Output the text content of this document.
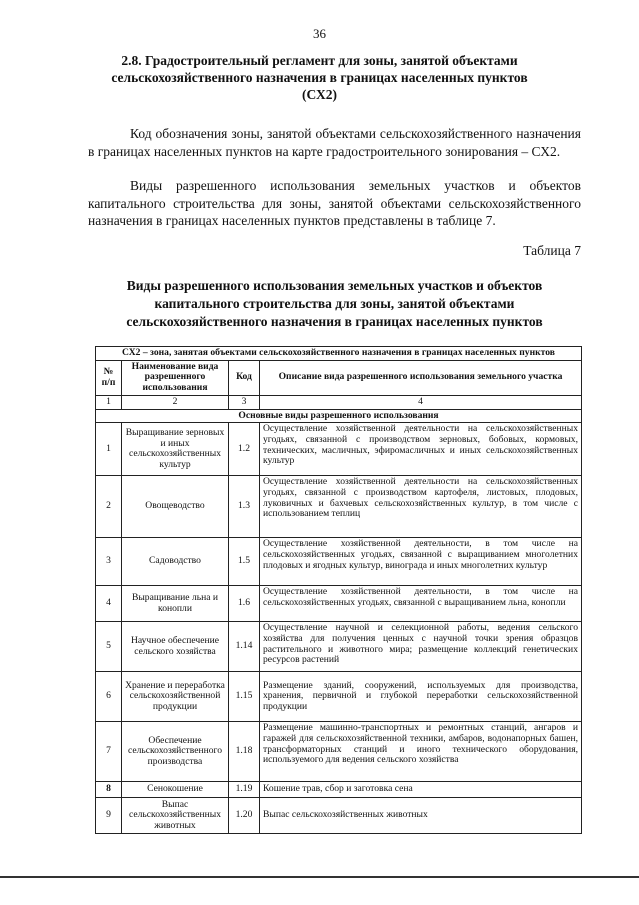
36
2.8. Градостроительный регламент для зоны, занятой объектами сельскохозяйственного назначения в границах населенных пунктов (СХ2)
Код обозначения зоны, занятой объектами сельскохозяйственного назначения в границах населенных пунктов на карте градостроительного зонирования – СХ2.
Виды разрешенного использования земельных участков и объектов капитального строительства для зоны, занятой объектами сельскохозяйственного назначения в границах населенных пунктов представлены в таблице 7.
Таблица 7
Виды разрешенного использования земельных участков и объектов капитального строительства для зоны, занятой объектами сельскохозяйственного назначения в границах населенных пунктов
СХ2 – зона, занятая объектами сельскохозяйственного назначения в границах населенных пунктов			
№ п/п	Наименование вида разрешенного использования	Код	Описание вида разрешенного использования земельного участка
1	2	3	4
Основные виды разрешенного использования			
1	Выращивание зерновых и иных сельскохозяйственных культур	1.2	Осуществление хозяйственной деятельности на сельскохозяйственных угодьях, связанной с производством зерновых, бобовых, кормовых, технических, масличных, эфиромасличных и иных сельскохозяйственных культур
2	Овощеводство	1.3	Осуществление хозяйственной деятельности на сельскохозяйственных угодьях, связанной с производством картофеля, листовых, плодовых, луковичных и бахчевых сельскохозяйственных культур, в том числе с использованием теплиц
3	Садоводство	1.5	Осуществление хозяйственной деятельности, в том числе на сельскохозяйственных угодьях, связанной с выращиванием многолетних плодовых и ягодных культур, винограда и иных многолетних культур
4	Выращивание льна и конопли	1.6	Осуществление хозяйственной деятельности, в том числе на сельскохозяйственных угодьях, связанной с выращиванием льна, конопли
5	Научное обеспечение сельского хозяйства	1.14	Осуществление научной и селекционной работы, ведения сельского хозяйства для получения ценных с научной точки зрения образцов растительного и животного мира; размещение коллекций генетических ресурсов растений
6	Хранение и переработка сельскохозяйственной продукции	1.15	Размещение зданий, сооружений, используемых для производства, хранения, первичной и глубокой переработки сельскохозяйственной продукции
7	Обеспечение сельскохозяйственного производства	1.18	Размещение машинно-транспортных и ремонтных станций, ангаров и гаражей для сельскохозяйственной техники, амбаров, водонапорных башен, трансформаторных станций и иного технического оборудования, используемого для ведения сельского хозяйства
8	Сенокошение	1.19	Кошение трав, сбор и заготовка сена
9	Выпас сельскохозяйственных животных	1.20	Выпас сельскохозяйственных животных
